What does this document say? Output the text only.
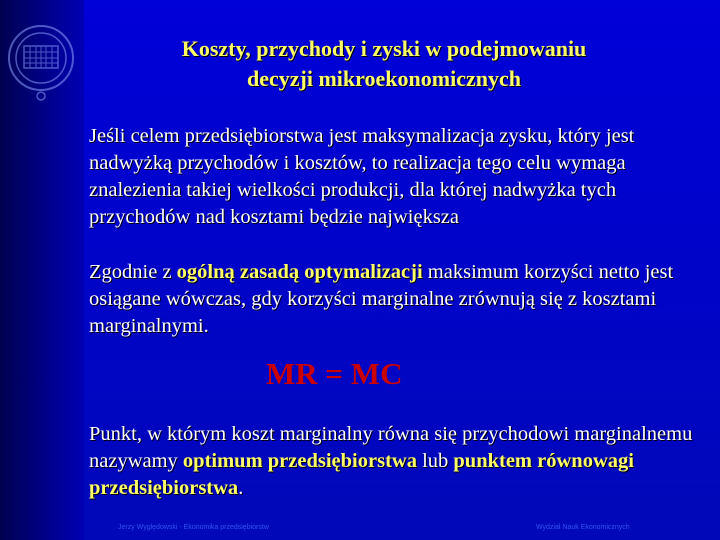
Koszty, przychody i zyski w podejmowaniu
decyzji mikroekonomicznych

Jeśli celem przedsiębiorstwa jest maksymalizacja zysku, który jest nadwyżką przychodów i kosztów, to realizacja tego celu wymaga znalezienia takiej wielkości produkcji, dla której nadwyżka tych przychodów nad kosztami będzie największa

Zgodnie z ogólną zasadą optymalizacji maksimum korzyści netto jest osiągane wówczas, gdy korzyści marginalne zrównują się z kosztami marginalnymi.

MR = MC

Punkt, w którym koszt marginalny równa się przychodowi marginalnemu nazywamy optimum przedsiębiorstwa lub punktem równowagi przedsiębiorstwa.

Jerzy Wyględowski - Ekonomika przedsiębiorstw	Wydział Nauk Ekonomicznych
